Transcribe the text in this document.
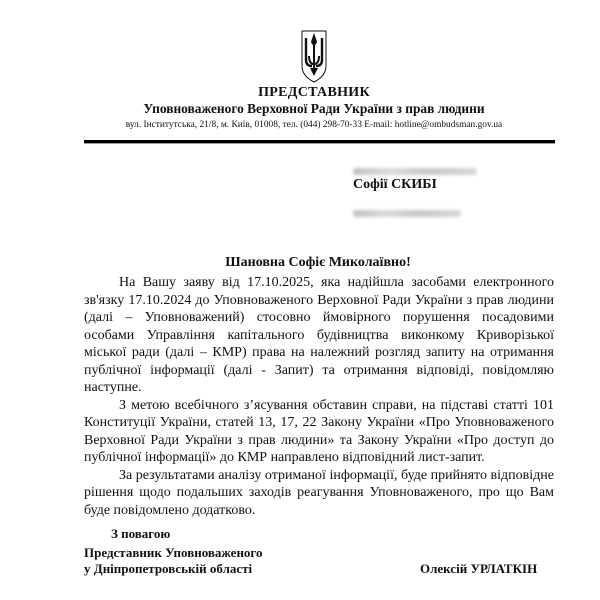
ПРЕДСТАВНИК
Уповноваженого Верховної Ради України з прав людини
вул. Інститутська, 21/8, м. Київ, 01008, тел. (044) 298-70-33 E-mail: hotline@ombudsman.gov.ua
Софії СКИБІ
Шановна Софіє Миколаївно!

На Вашу заяву від 17.10.2025, яка надійшла засобами електронного зв'язку 17.10.2024 до Уповноваженого Верховної Ради України з прав людини (далі – Уповноважений) стосовно ймовірного порушення посадовими особами Управління капітального будівництва виконкому Криворізької міської ради (далі – КМР) права на належний розгляд запиту на отримання публічної інформації (далі - Запит) та отримання відповіді, повідомляю наступне.

З метою всебічного з’ясування обставин справи, на підставі статті 101 Конституції України, статей 13, 17, 22 Закону України «Про Уповноваженого Верховної Ради України з прав людини» та Закону України «Про доступ до публічної інформації» до КМР направлено відповідний лист-запит.

За результатами аналізу отриманої інформації, буде прийнято відповідне рішення щодо подальших заходів реагування Уповноваженого, про що Вам буде повідомлено додатково.

З повагою
Представник Уповноваженого
у Дніпропетровській області	Олексій УРЛАТКІН
